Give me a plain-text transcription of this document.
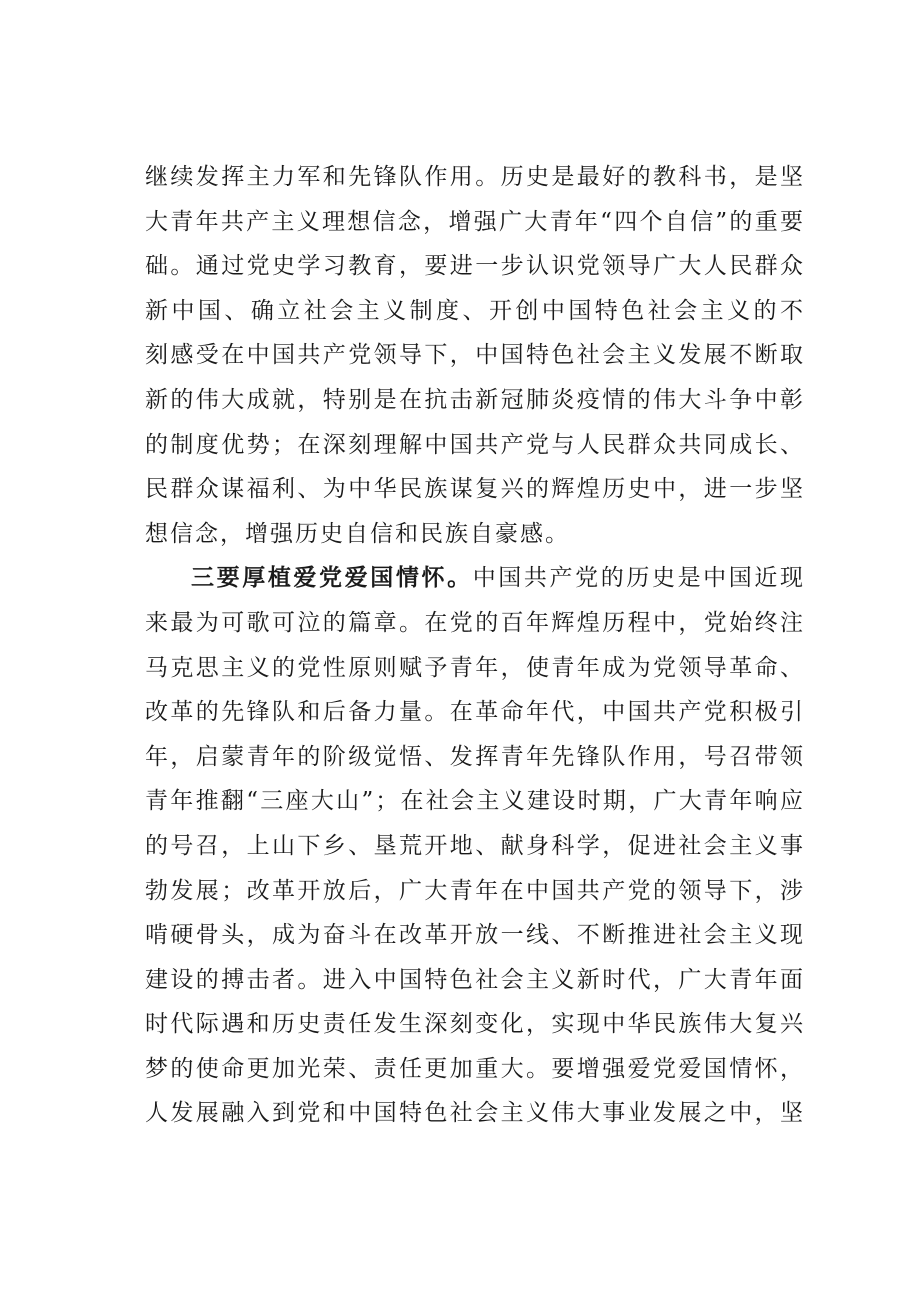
继续发挥主力军和先锋队作用。历史是最好的教科书，是坚
大青年共产主义理想信念，增强广大青年“四个自信”的重要
础。通过党史学习教育，要进一步认识党领导广大人民群众
新中国、确立社会主义制度、开创中国特色社会主义的不
刻感受在中国共产党领导下，中国特色社会主义发展不断取
新的伟大成就，特别是在抗击新冠肺炎疫情的伟大斗争中彰
的制度优势；在深刻理解中国共产党与人民群众共同成长、
民群众谋福利、为中华民族谋复兴的辉煌历史中，进一步坚
想信念，增强历史自信和民族自豪感。
三要厚植爱党爱国情怀。中国共产党的历史是中国近现
来最为可歌可泣的篇章。在党的百年辉煌历程中，党始终注
马克思主义的党性原则赋予青年，使青年成为党领导革命、
改革的先锋队和后备力量。在革命年代，中国共产党积极引
年，启蒙青年的阶级觉悟、发挥青年先锋队作用，号召带领
青年推翻“三座大山”；在社会主义建设时期，广大青年响应
的号召，上山下乡、垦荒开地、献身科学，促进社会主义事
勃发展；改革开放后，广大青年在中国共产党的领导下，涉
啃硬骨头，成为奋斗在改革开放一线、不断推进社会主义现
建设的搏击者。进入中国特色社会主义新时代，广大青年面
时代际遇和历史责任发生深刻变化，实现中华民族伟大复兴
梦的使命更加光荣、责任更加重大。要增强爱党爱国情怀，
人发展融入到党和中国特色社会主义伟大事业发展之中，坚
